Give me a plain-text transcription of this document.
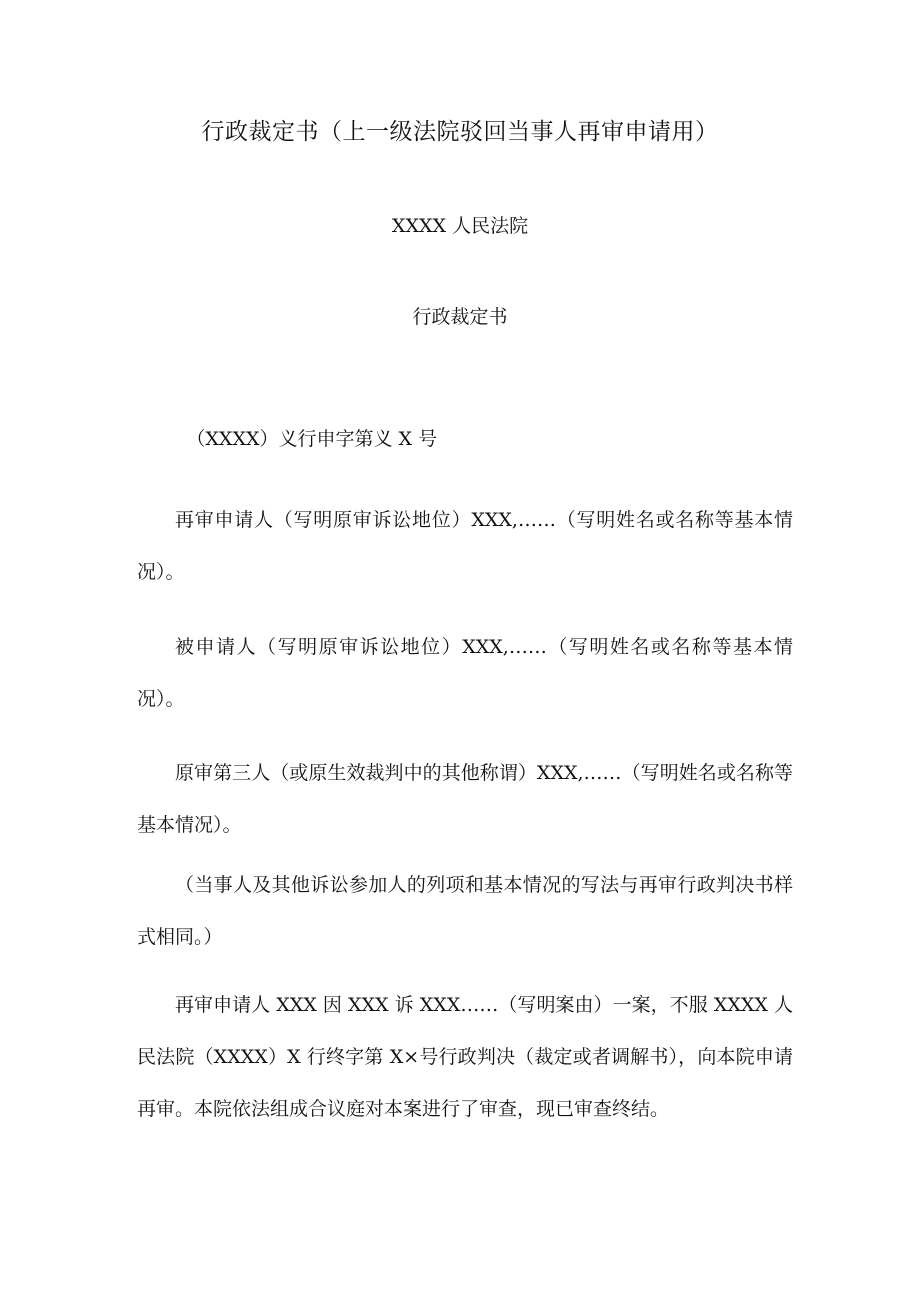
行政裁定书（上一级法院驳回当事人再审申请用）
XXXX 人民法院
行政裁定书
（XXXX）义行申字第义 X 号

再审申请人（写明原审诉讼地位）XXX,……（写明姓名或名称等基本情况）。

被申请人（写明原审诉讼地位）XXX,……（写明姓名或名称等基本情况）。

原审第三人（或原生效裁判中的其他称谓）XXX,……（写明姓名或名称等基本情况）。

（当事人及其他诉讼参加人的列项和基本情况的写法与再审行政判决书样式相同。）

再审申请人 XXX 因 XXX 诉 XXX……（写明案由）一案，不服 XXXX 人民法院（XXXX）X 行终字第 X×号行政判决（裁定或者调解书），向本院申请再审。本院依法组成合议庭对本案进行了审查，现已审查终结。
